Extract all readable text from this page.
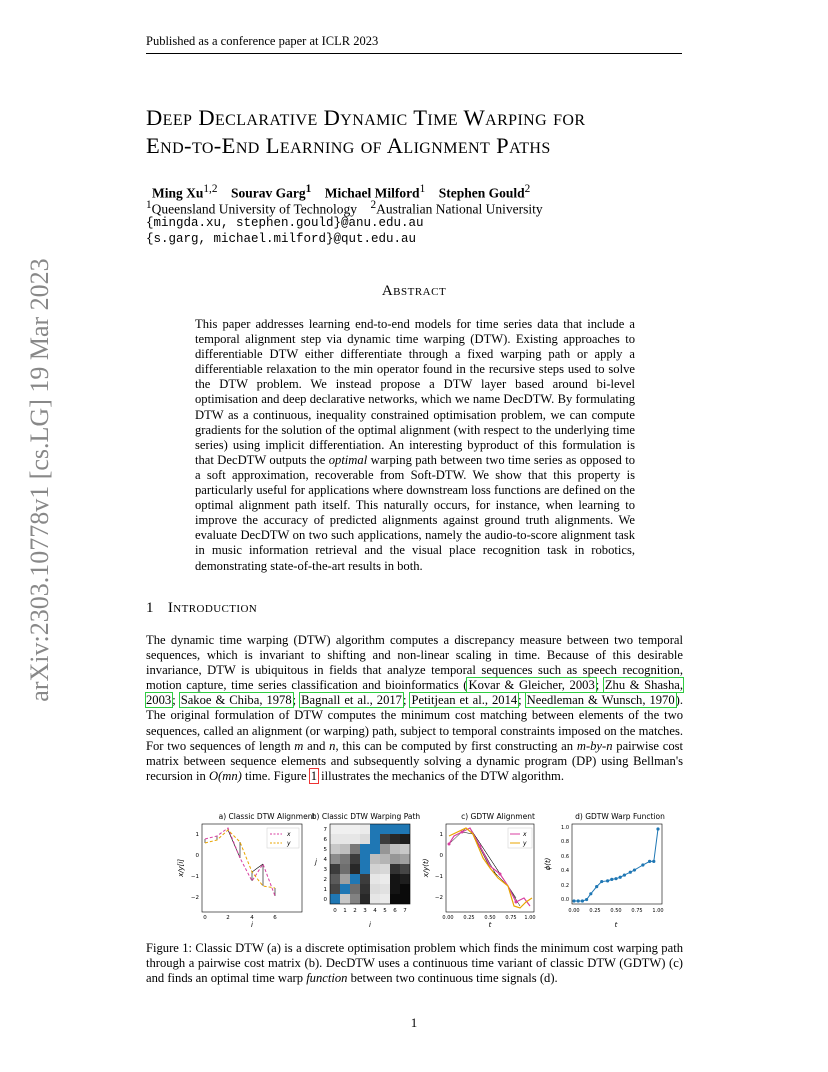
Published as a conference paper at ICLR 2023
arXiv:2303.10778v1 [cs.LG] 19 Mar 2023
Deep Declarative Dynamic Time Warping for
End-to-End Learning of Alignment Paths
Ming Xu$^{1,2}$ Sourav Garg$^1$ Michael Milford$^1$ Stephen Gould$^2$
$^1$Queensland University of Technology $^2$Australian National University
{mingda.xu, stephen.gould}@anu.edu.au
{s.garg, michael.milford}@qut.edu.au
Abstract
This paper addresses learning end-to-end models for time series data that include a temporal alignment step via dynamic time warping (DTW). Existing approaches to differentiable DTW either differentiate through a fixed warping path or apply a differentiable relaxation to the min operator found in the recursive steps used to solve the DTW problem. We instead propose a DTW layer based around bi-level optimisation and deep declarative networks, which we name DecDTW. By formulating DTW as a continuous, inequality constrained optimisation problem, we can compute gradients for the solution of the optimal alignment (with respect to the underlying time series) using implicit differentiation. An interesting byproduct of this formulation is that DecDTW outputs the optimal warping path between two time series as opposed to a soft approximation, recoverable from Soft-DTW. We show that this property is particularly useful for applications where downstream loss functions are defined on the optimal alignment path itself. This naturally occurs, for instance, when learning to improve the accuracy of predicted alignments against ground truth alignments. We evaluate DecDTW on two such applications, namely the audio-to-score alignment task in music information retrieval and the visual place recognition task in robotics, demonstrating state-of-the-art results in both.
1 Introduction
The dynamic time warping (DTW) algorithm computes a discrepancy measure between two temporal sequences, which is invariant to shifting and non-linear scaling in time. Because of this desirable invariance, DTW is ubiquitous in fields that analyze temporal sequences such as speech recognition, motion capture, time series classification and bioinformatics (Kovar & Gleicher, 2003; Zhu & Shasha, 2003; Sakoe & Chiba, 1978; Bagnall et al., 2017; Petitjean et al., 2014; Needleman & Wunsch, 1970). The original formulation of DTW computes the minimum cost matching between elements of the two sequences, called an alignment (or warping) path, subject to temporal constraints imposed on the matches. For two sequences of length m and n, this can be computed by first constructing an m-by-n pairwise cost matrix between sequence elements and subsequently solving a dynamic program (DP) using Bellman's recursion in O(mn) time. Figure 1 illustrates the mechanics of the DTW algorithm.
a) Classic DTW Alignment
x/y[i]
i
0	2	4	6
1
0
−1
−2
x
y
b) Classic DTW Warping Path
j
i
0 1 2 3 4 5 6 7
7
6
5
4
3
2
1
0
c) GDTW Alignment
x/y(t)
t
0.00 0.25 0.50 0.75 1.00
1
0
−1
−2
x
y
d) GDTW Warp Function
ϕ(t)
t
0.00 0.25 0.50 0.75 1.00
1.0
0.8
0.6
0.4
0.2
0.0
Figure 1: Classic DTW (a) is a discrete optimisation problem which finds the minimum cost warping path through a pairwise cost matrix (b). DecDTW uses a continuous time variant of classic DTW (GDTW) (c) and finds an optimal time warp function between two continuous time signals (d).
1
